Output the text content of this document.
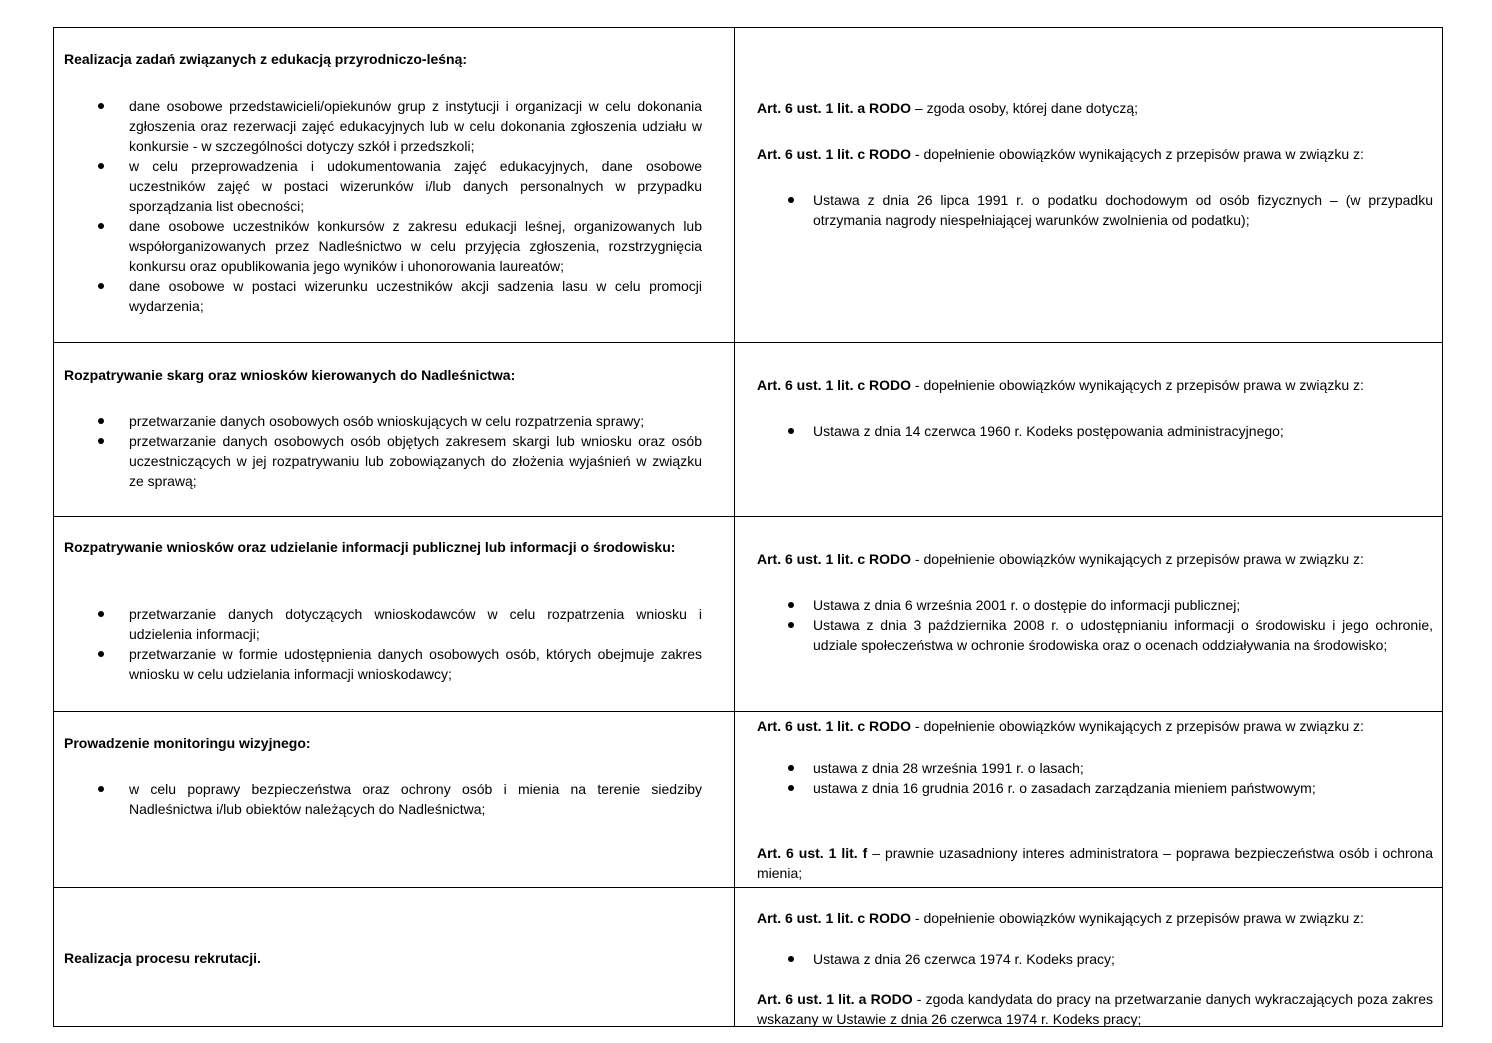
Realizacja zadań związanych z edukacją przyrodniczo-leśną:
dane osobowe przedstawicieli/opiekunów grup z instytucji i organizacji w celu dokonania zgłoszenia oraz rezerwacji zajęć edukacyjnych lub w celu dokonania zgłoszenia udziału w konkursie - w szczególności dotyczy szkół i przedszkoli;
w celu przeprowadzenia i udokumentowania zajęć edukacyjnych, dane osobowe uczestników zajęć w postaci wizerunków i/lub danych personalnych w przypadku sporządzania list obecności;
dane osobowe uczestników konkursów z zakresu edukacji leśnej, organizowanych lub współorganizowanych przez Nadleśnictwo w celu przyjęcia zgłoszenia, rozstrzygnięcia konkursu oraz opublikowania jego wyników i uhonorowania laureatów;
dane osobowe w postaci wizerunku uczestników akcji sadzenia lasu w celu promocji wydarzenia;
Art. 6 ust. 1 lit. a RODO – zgoda osoby, której dane dotyczą;
Art. 6 ust. 1 lit. c RODO - dopełnienie obowiązków wynikających z przepisów prawa w związku z:
Ustawa z dnia 26 lipca 1991 r. o podatku dochodowym od osób fizycznych – (w przypadku otrzymania nagrody niespełniającej warunków zwolnienia od podatku);
Rozpatrywanie skarg oraz wniosków kierowanych do Nadleśnictwa:
przetwarzanie danych osobowych osób wnioskujących w celu rozpatrzenia sprawy;
przetwarzanie danych osobowych osób objętych zakresem skargi lub wniosku oraz osób uczestniczących w jej rozpatrywaniu lub zobowiązanych do złożenia wyjaśnień w związku ze sprawą;
Art. 6 ust. 1 lit. c RODO - dopełnienie obowiązków wynikających z przepisów prawa w związku z:
Ustawa z dnia 14 czerwca 1960 r. Kodeks postępowania administracyjnego;
Rozpatrywanie wniosków oraz udzielanie informacji publicznej lub informacji o środowisku:
przetwarzanie danych dotyczących wnioskodawców w celu rozpatrzenia wniosku i udzielenia informacji;
przetwarzanie w formie udostępnienia danych osobowych osób, których obejmuje zakres wniosku w celu udzielania informacji wnioskodawcy;
Art. 6 ust. 1 lit. c RODO - dopełnienie obowiązków wynikających z przepisów prawa w związku z:
Ustawa z dnia 6 września 2001 r. o dostępie do informacji publicznej;
Ustawa z dnia 3 października 2008 r. o udostępnianiu informacji o środowisku i jego ochronie, udziale społeczeństwa w ochronie środowiska oraz o ocenach oddziaływania na środowisko;
Prowadzenie monitoringu wizyjnego:
w celu poprawy bezpieczeństwa oraz ochrony osób i mienia na terenie siedziby Nadleśnictwa i/lub obiektów należących do Nadleśnictwa;
Art. 6 ust. 1 lit. c RODO - dopełnienie obowiązków wynikających z przepisów prawa w związku z:
ustawa z dnia 28 września 1991 r. o lasach;
ustawa z dnia 16 grudnia 2016 r. o zasadach zarządzania mieniem państwowym;
Art. 6 ust. 1 lit. f – prawnie uzasadniony interes administratora – poprawa bezpieczeństwa osób i ochrona mienia;
Realizacja procesu rekrutacji.
Art. 6 ust. 1 lit. c RODO - dopełnienie obowiązków wynikających z przepisów prawa w związku z:
Ustawa z dnia 26 czerwca 1974 r. Kodeks pracy;
Art. 6 ust. 1 lit. a RODO - zgoda kandydata do pracy na przetwarzanie danych wykraczających poza zakres wskazany w Ustawie z dnia 26 czerwca 1974 r. Kodeks pracy;
